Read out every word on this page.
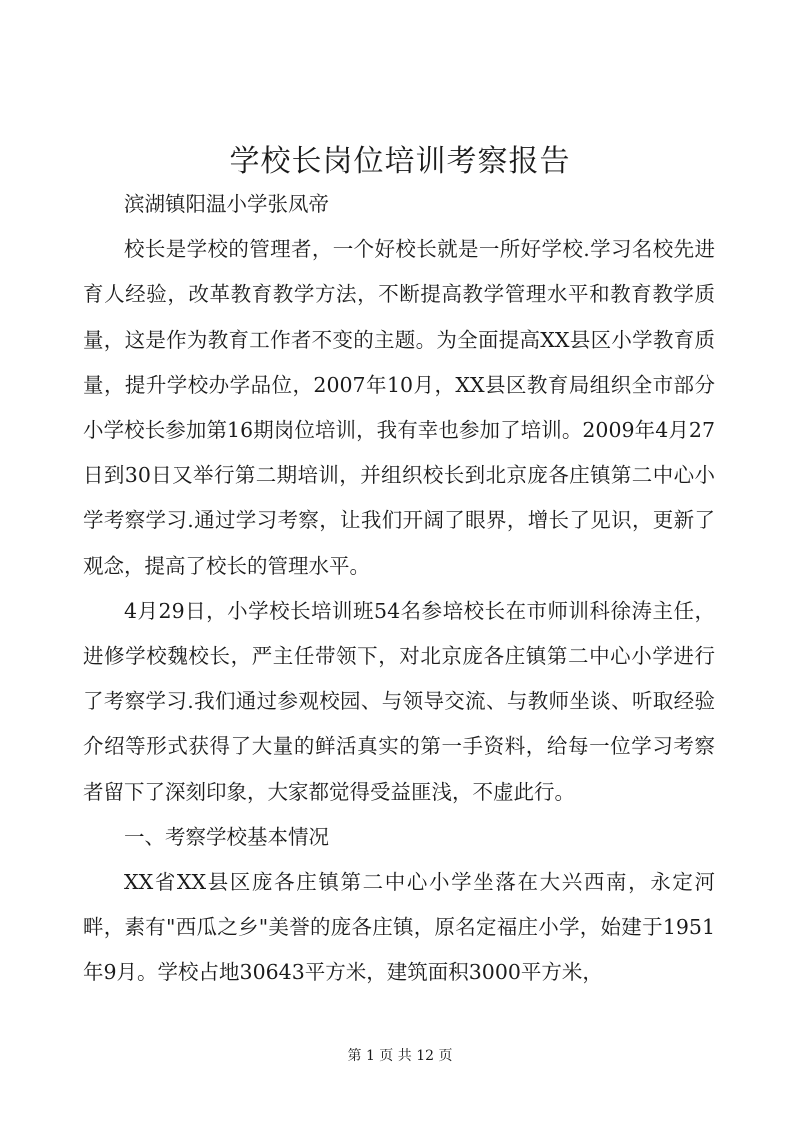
学校长岗位培训考察报告

滨湖镇阳温小学张凤帝

校长是学校的管理者，一个好校长就是一所好学校.学习名校先进育人经验，改革教育教学方法，不断提高教学管理水平和教育教学质量，这是作为教育工作者不变的主题。为全面提高XX县区小学教育质量，提升学校办学品位，2007年10月，XX县区教育局组织全市部分小学校长参加第16期岗位培训，我有幸也参加了培训。2009年4月27日到30日又举行第二期培训，并组织校长到北京庞各庄镇第二中心小学考察学习.通过学习考察，让我们开阔了眼界，增长了见识，更新了观念，提高了校长的管理水平。

4月29日，小学校长培训班54名参培校长在市师训科徐涛主任，进修学校魏校长，严主任带领下，对北京庞各庄镇第二中心小学进行了考察学习.我们通过参观校园、与领导交流、与教师坐谈、听取经验介绍等形式获得了大量的鲜活真实的第一手资料，给每一位学习考察者留下了深刻印象，大家都觉得受益匪浅，不虚此行。

一、考察学校基本情况

XX省XX县区庞各庄镇第二中心小学坐落在大兴西南，永定河畔，素有"西瓜之乡"美誉的庞各庄镇，原名定福庄小学，始建于1951年9月。学校占地30643平方米，建筑面积3000平方米，

第 1 页 共 12 页
